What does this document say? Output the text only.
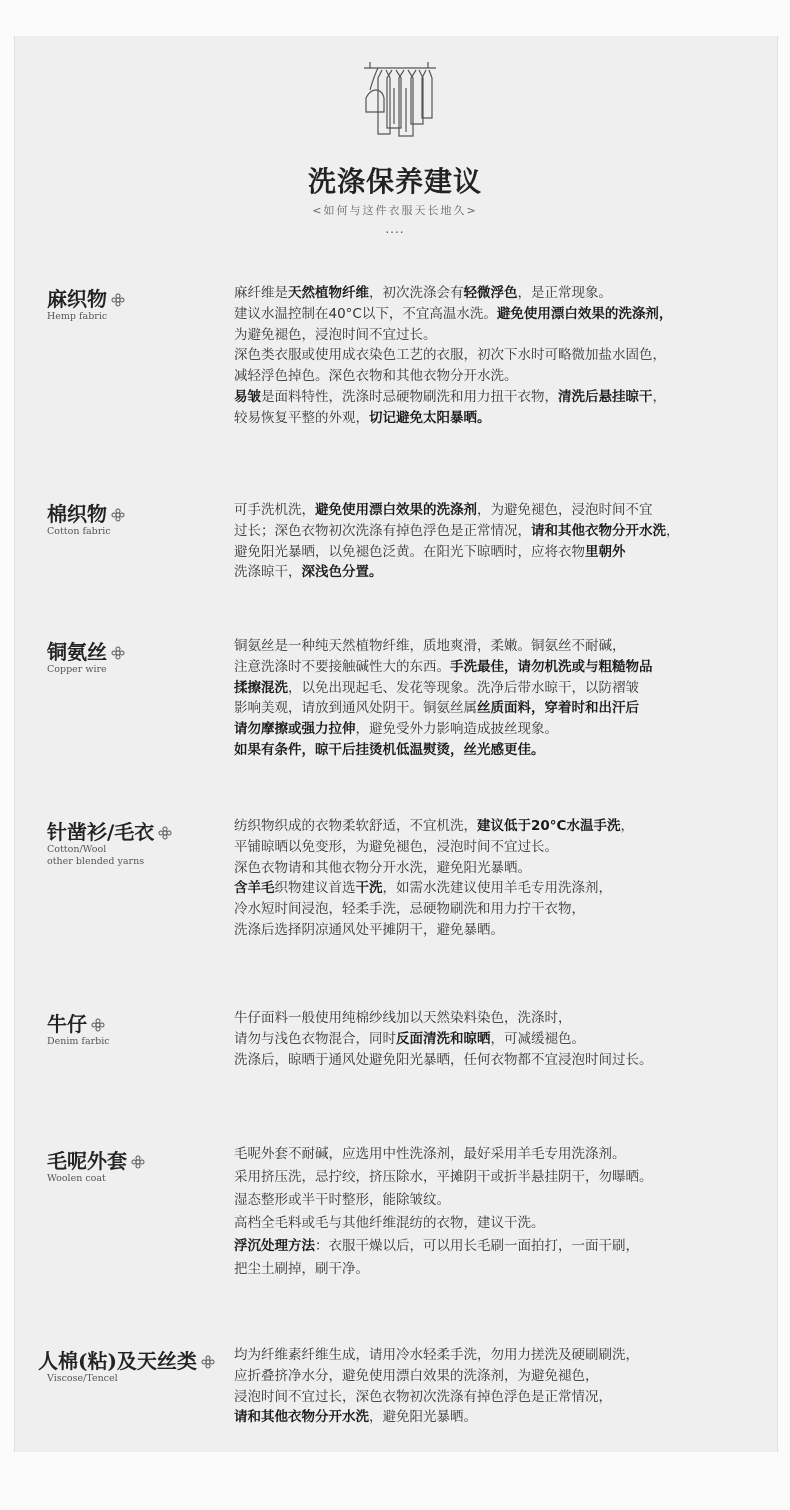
洗涤保养建议
<如何与这件衣服天长地久>
....
麻织物
Hemp fabric
麻纤维是天然植物纤维，初次洗涤会有轻微浮色，是正常现象。
建议水温控制在40°C以下，不宜高温水洗。避免使用漂白效果的洗涤剂，
为避免褪色，浸泡时间不宜过长。
深色类衣服或使用成衣染色工艺的衣服，初次下水时可略微加盐水固色，
减轻浮色掉色。深色衣物和其他衣物分开水洗。
易皱是面料特性，洗涤时忌硬物刷洗和用力扭干衣物，清洗后悬挂晾干，
较易恢复平整的外观，切记避免太阳暴晒。
棉织物
Cotton fabric
可手洗机洗，避免使用漂白效果的洗涤剂，为避免褪色，浸泡时间不宜
过长；深色衣物初次洗涤有掉色浮色是正常情况，请和其他衣物分开水洗，
避免阳光暴晒，以免褪色泛黄。在阳光下晾晒时，应将衣物里朝外
洗涤晾干，深浅色分置。
铜氨丝
Copper wire
铜氨丝是一种纯天然植物纤维，质地爽滑，柔嫩。铜氨丝不耐碱，
注意洗涤时不要接触碱性大的东西。手洗最佳，请勿机洗或与粗糙物品
揉擦混洗，以免出现起毛、发花等现象。洗净后带水晾干，以防褶皱
影响美观，请放到通风处阴干。铜氨丝属丝质面料，穿着时和出汗后
请勿摩擦或强力拉伸，避免受外力影响造成披丝现象。
如果有条件，晾干后挂烫机低温熨烫，丝光感更佳。
针凿衫/毛衣
Cotton/Wool
other blended yarns
纺织物织成的衣物柔软舒适，不宜机洗，建议低于20°C水温手洗，
平铺晾晒以免变形，为避免褪色，浸泡时间不宜过长。
深色衣物请和其他衣物分开水洗，避免阳光暴晒。
含羊毛织物建议首选干洗，如需水洗建议使用羊毛专用洗涤剂，
冷水短时间浸泡，轻柔手洗，忌硬物刷洗和用力拧干衣物，
洗涤后选择阴凉通风处平摊阴干，避免暴晒。
牛仔
Denim farbic
牛仔面料一般使用纯棉纱线加以天然染料染色，洗涤时，
请勿与浅色衣物混合，同时反面清洗和晾晒，可减缓褪色。
洗涤后，晾晒于通风处避免阳光暴晒，任何衣物都不宜浸泡时间过长。
毛呢外套
Woolen coat
毛呢外套不耐碱，应选用中性洗涤剂，最好采用羊毛专用洗涤剂。
采用挤压洗，忌拧绞，挤压除水，平摊阴干或折半悬挂阴干，勿曝晒。
湿态整形或半干时整形，能除皱纹。
高档全毛料或毛与其他纤维混纺的衣物，建议干洗。
浮沉处理方法：衣服干燥以后，可以用长毛刷一面拍打，一面干刷，
把尘土刷掉，刷干净。
人棉(粘)及天丝类
Viscose/Tencel
均为纤维素纤维生成，请用冷水轻柔手洗，勿用力搓洗及硬刷刷洗，
应折叠挤净水分，避免使用漂白效果的洗涤剂，为避免褪色，
浸泡时间不宜过长，深色衣物初次洗涤有掉色浮色是正常情况，
请和其他衣物分开水洗，避免阳光暴晒。
